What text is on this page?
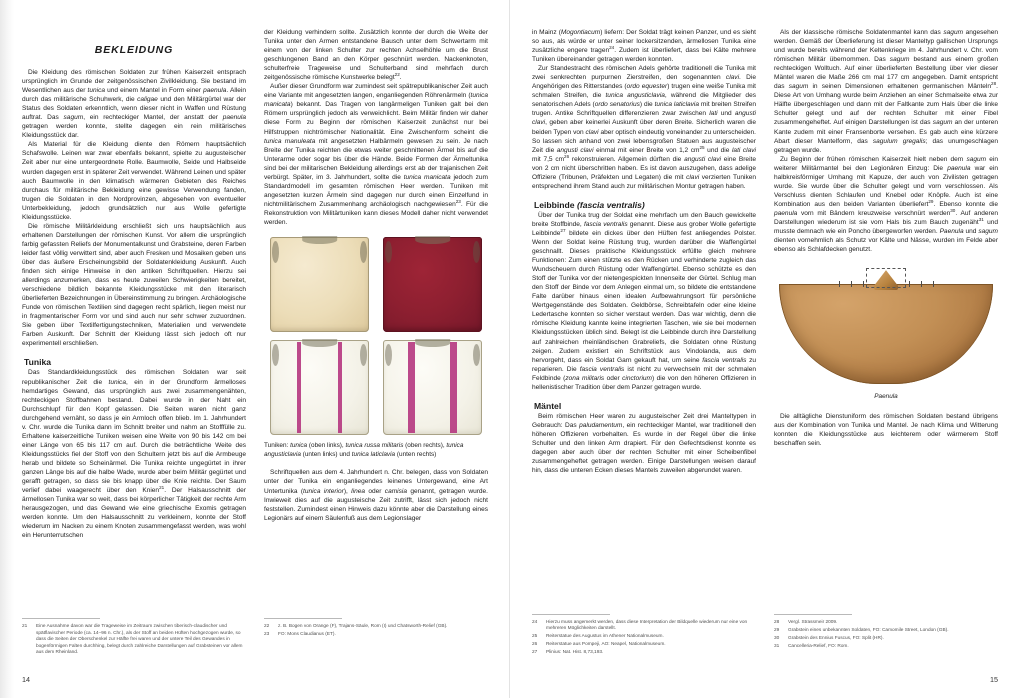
BEKLEIDUNG

Die Kleidung des römischen Soldaten zur frühen Kaiserzeit entsprach ursprünglich im Grunde der zeitgenössischen Zivilkleidung. Sie bestand im Wesentlichen aus der tunica und einem Mantel in Form einer paenula. Allein durch das militärische Schuhwerk, die caligae und den Militärgürtel war der Status des Soldaten erkenntlich, wenn dieser nicht in Waffen und Rüstung auftrat. Das sagum, ein rechteckiger Mantel, der anstatt der paenula getragen werden konnte, stellte dagegen ein rein militärisches Kleidungsstück dar.

Als Material für die Kleidung diente den Römern hauptsächlich Schafswolle. Leinen war zwar ebenfalls bekannt, spielte zu augusteischer Zeit aber nur eine untergeordnete Rolle. Baumwolle, Seide und Halbseide wurden dagegen erst in späterer Zeit verwendet. Während Leinen und später auch Baumwolle in den klimatisch wärmeren Gebieten des Reiches durchaus für militärische Bekleidung eine gewisse Verwendung fanden, trugen die Soldaten in den Nordprovinzen, abgesehen von eventueller Unterbekleidung, jedoch grundsätzlich nur aus Wolle gefertigte Kleidungsstücke.

Die römische Militärkleidung erschließt sich uns hauptsächlich aus erhaltenen Darstellungen der römischen Kunst. Vor allem die ursprünglich farbig gefassten Reliefs der Monumentalkunst und Grabsteine, deren Farben leider fast völlig verwittert sind, aber auch Fresken und Mosaiken geben uns über das äußere Erscheinungsbild der Soldatenkleidung Auskunft. Auch finden sich einige Hinweise in den antiken Schriftquellen. Hierzu sei allerdings anzumerken, dass es heute zuweilen Schwierigkeiten bereitet, verschiedene bildlich bekannte Kleidungsstücke mit den literarisch überlieferten Bezeichnungen in Übereinstimmung zu bringen. Archäologische Funde von römischen Textilien sind dagegen recht spärlich, liegen meist nur in fragmentarischer Form vor und sind auch nur sehr schwer zuzuordnen. Sie geben über Textilfertigungstechniken, Materialien und verwendete Farben Auskunft. Der Schnitt der Kleidung lässt sich jedoch oft nur experimentell erschließen.

Tunika

Das Standardkleidungsstück des römischen Soldaten war seit republikanischer Zeit die tunica, ein in der Grundform ärmelloses hemdartiges Gewand, das ursprünglich aus zwei zusammengenähten, rechteckigen Stoffbahnen bestand. Dabei wurde in der Naht ein Durchschlupf für den Kopf gelassen. Die Seiten waren nicht ganz durchgehend vernäht, so dass je ein Armloch offen blieb. Im 1. Jahrhundert v. Chr. wurde die Tunika dann im Schnitt breiter und nahm an Stofffülle zu. Erhaltene kaiserzeitliche Tuniken weisen eine Weite von 90 bis 142 cm bei einer Länge von 65 bis 117 cm auf. Durch die beträchtliche Weite des Kleidungsstücks fiel der Stoff von den Schultern jetzt bis auf die Armbeuge herab und bildete so Scheinärmel. Die Tunika reichte ungegürtet in ihrer ganzen Länge bis auf die halbe Wade, wurde aber beim Militär gegürtet und gerafft getragen, so dass sie bis knapp über die Knie reichte. Der Saum verlief dabei waagerecht über den Knien$^{21}$. Der Halsausschnitt der ärmellosen Tunika war so weit, dass bei körperlicher Tätigkeit der rechte Arm herausgezogen, und das Gewand wie eine griechische Exomis getragen werden konnte. Um den Halsausschnitt zu verkleinern, konnte der Stoff wiederum im Nacken zu einem Knoten zusammengefasst werden, was wohl ein Herunterrutschen

der Kleidung verhindern sollte. Zusätzlich konnte der durch die Weite der Tunika unter den Armen entstandene Bausch unter dem Schwertarm mit einem von der linken Schulter zur rechten Achselhöhle um die Brust geschlungenen Band an den Körper geschnürt werden. Nackenknoten, schulterfreie Trageweise und Schulterband sind mehrfach durch zeitgenössische römische Kunstwerke belegt$^{22}$.

Außer dieser Grundform war zumindest seit spätrepublikanischer Zeit auch eine Variante mit angesetzten langen, enganliegenden Röhrenärmeln (tunica manicata) bekannt. Das Tragen von langärmeligen Tuniken galt bei den Römern ursprünglich jedoch als verweichlicht. Beim Militär finden wir daher diese Form zu Beginn der römischen Kaiserzeit zunächst nur bei Hilfstruppen nichtrömischer Nationalität. Eine Zwischenform scheint die tunica manuleata mit angesetzten Halbärmeln gewesen zu sein. Je nach Breite der Tunika reichten die etwas weiter geschnittenen Ärmel bis auf die Unterarme oder sogar bis über die Hände. Beide Formen der Ärmeltunika sind bei der militarischen Bekleidung allerdings erst ab der trajanischen Zeit verbürgt. Später, im 3. Jahrhundert, sollte die tunica manicata jedoch zum Standardmodell im gesamten römischen Heer werden. Tuniken mit angesetzten kurzen Ärmeln sind dagegen nur durch einen Einzelfund in nichtmilitärischem Zusammenhang archäologisch nachgewiesen$^{23}$. Für die Rekonstruktion von Militärtuniken kann dieses Modell daher nicht verwendet werden.

Tuniken: tunica (oben links), tunica russa militaris (oben rechts), tunica angusticlavia (unten links) und tunica laticlavia (unten rechts)

Schriftquellen aus dem 4. Jahrhundert n. Chr. belegen, dass von Soldaten unter der Tunika ein enganliegendes leinenes Untergewand, eine Art Untertunika (tunica interior), linea oder camisia genannt, getragen wurde. Inwieweit dies auf die augusteische Zeit zutrifft, lässt sich jedoch nicht feststellen. Zumindest einen Hinweis dazu könnte aber die Darstellung eines Legionärs auf einem Säulenfuß aus dem Legionslager

21	Eine Ausnahme davon war die Trageweise im Zeitraum zwischen tiberisch-claudischer und spätflavischer Periode (ca. 14–96 n. Chr.), als der Stoff an beiden Hüften hochgezogen wurde, so dass die Seiten der Oberschenkel zur Hälfte frei waren und der untere Teil des Gewandes in bogenförmigen Falten durchhing, belegt durch zahlreiche Darstellungen auf Grabsteinen vor allem aus dem Rheinland.
22	z. B. Bogen von Orange (F), Trajans-Säule, Rom (I) und Chatsworth-Relief (GB).
23	FO: Mons Claudianus (ET).
14

in Mainz (Mogontiacum) liefern: Der Soldat trägt keinen Panzer, und es sieht so aus, als würde er unter seiner lockersitzenden, ärmellosen Tunika eine zusätzliche engere tragen$^{24}$. Zudem ist überliefert, dass bei Kälte mehrere Tuniken übereinander getragen werden konnten.

Zur Standestracht des römischen Adels gehörte traditionell die Tunika mit zwei senkrechten purpurnen Zierstreifen, den sogenannten clavi. Die Angehörigen des Ritterstandes (ordo equester) trugen eine weiße Tunika mit schmalen Streifen, die tunica angusticlavia, während die Mitglieder des senatorischen Adels (ordo senatorius) die tunica laticlavia mit breiten Streifen trugen. Antike Schriftquellen differenzieren zwar zwischen lati und angusti clavi, geben aber keinerlei Auskunft über deren Breite. Sicherlich waren die beiden Typen von clavi aber optisch eindeutig voneinander zu unterscheiden. So lassen sich anhand von zwei lebensgroßen Statuen aus augusteischer Zeit die angusti clavi einmal mit einer Breite von 1,2 $cm^{25}$ und die lati clavi mit 7,5 $cm^{26}$ rekonstruieren. Allgemein dürften die angusti clavi eine Breite von 2 cm nicht überschritten haben. Es ist davon auszugehen, dass adelige Offiziere (Tribunen, Präfekten und Legaten) die mit clavi verzierten Tuniken entsprechend ihrem Stand auch zur militärischen Montur getragen haben.

Leibbinde (fascia ventralis)

Über der Tunika trug der Soldat eine mehrfach um den Bauch gewickelte breite Stoffbinde, fascia ventralis genannt. Diese aus grober Wolle gefertigte Leibbinde$^{27}$ bildete ein dickes über den Hüften fest anliegendes Polster. Wenn der Soldat keine Rüstung trug, wurden darüber die Waffengürtel geschnallt. Dieses praktische Kleidungsstück erfüllte gleich mehrere Funktionen: Zum einen stützte es den Rücken und verhinderte zugleich das Wundscheuern durch Rüstung oder Waffengürtel. Ebenso schützte es den Stoff der Tunika vor der nietengespickten Innenseite der Gürtel. Schlug man den Stoff der Binde vor dem Anlegen einmal um, so bildete die entstandene Falte darüber hinaus einen idealen Aufbewahrungsort für persönliche Wertgegenstände des Soldaten. Geldbörse, Schreibtafeln oder eine kleine Ledertasche konnten so sicher verstaut werden. Das war wichtig, denn die römische Kleidung kannte keine integrierten Taschen, wie sie bei modernen Kleidungsstücken üblich sind. Belegt ist die Leibbinde durch ihre Darstellung auf zahlreichen rheinländischen Grabreliefs, die Soldaten ohne Rüstung zeigen. Zudem existiert ein Schriftstück aus Vindolanda, aus dem hervorgeht, dass ein Soldat Garn gekauft hat, um seine fascia ventralis zu reparieren. Die fascia ventralis ist nicht zu verwechseln mit der schmalen Feldbinde (zona militaris oder cinctorium) die von den höheren Offizieren in hellenistischer Tradition über dem Panzer getragen wurde.

Mäntel

Beim römischen Heer waren zu augusteischer Zeit drei Manteltypen in Gebrauch: Das paludamentum, ein rechteckiger Mantel, war traditionell den höheren Offizieren vorbehalten. Es wurde in der Regel über die linke Schulter und den linken Arm drapiert. Für den Gefechtsdienst konnte es dagegen aber auch über der rechten Schulter mit einer Scheibenfibel zusammengeheftet getragen werden. Einige Darstellungen weisen darauf hin, dass die unteren Ecken dieses Mantels zuweilen abgerundet waren.

Als der klassische römische Soldatenmantel kann das sagum angesehen werden. Gemäß der Überlieferung ist dieser Manteltyp gallischen Ursprungs und wurde bereits während der Keltenkriege im 4. Jahrhundert v. Chr. vom römischen Militär übernommen. Das sagum bestand aus einem großen rechteckigen Wolltuch. Auf einer überlieferten Bestellung über vier dieser Mäntel waren die Maße 266 cm mal 177 cm angegeben. Damit entspricht das sagum in seinen Dimensionen erhaltenen germanischen Mänteln$^{28}$. Diese Art von Umhang wurde beim Anziehen an einer Schmalseite etwa zur Hälfte übergeschlagen und dann mit der Faltkante zum Hals über die linke Schulter gelegt und auf der rechten Schulter mit einer Fibel zusammengeheftet. Auf einigen Darstellungen ist das sagum an der unteren Kante zudem mit einer Fransenborte versehen. Es gab auch eine kürzere Abart dieser Mantelform, das sagulum gregalis; das unumgeschlagen getragen wurde.

Zu Beginn der frühen römischen Kaiserzeit hielt neben dem sagum ein weiterer Militärmantel bei den Legionären Einzug: Die paenula war ein halbkreisförmiger Umhang mit Kapuze, der auch von Zivilisten getragen wurde. Sie wurde über die Schulter gelegt und vorn verschlossen. Als Verschluss dienten Schlaufen und Knebel oder Knöpfe. Auch ist eine Kombination aus den beiden Varianten überliefert$^{29}$. Ebenso konnte die paenula vorn mit Bändern kreuzweise verschnürt werden$^{30}$. Auf anderen Darstellungen wiederum ist sie vom Hals bis zum Bauch zugenäht$^{31}$ und musste demnach wie ein Poncho übergeworfen werden. Paenula und sagum dienten vornehmlich als Schutz vor Kälte und Nässe, wurden im Felde aber ebenso als Schlafdecken genutzt.

Paenula

Die alltägliche Dienstuniform des römischen Soldaten bestand übrigens aus der Kombination von Tunika und Mantel. Je nach Klima und Witterung konnten die Kleidungsstücke aus leichterem oder wärmerem Stoff beschaffen sein.

24	Hierzu muss angemerkt werden, dass diese Interpretation der Bildquelle wiederum nur eine von mehreren Möglichkeiten darstellt.
25	Reiterstatue des Augustus im Athener Nationalmuseum.
26	Reiterstatue aus Pompeji, AO: Neapel, Nationalmuseum.
27	Plinius: Nat. Hist. 8,73,193.
28	Vergl. Strassmeir 2009.
29	Grabstein eines unbekannten Soldaten, FO: Camomile Street, London (GB).
30	Grabstein des Ennius Fuscus, FO: Split (HR).
31	Cancelleria-Relief, FO: Rom.
15
